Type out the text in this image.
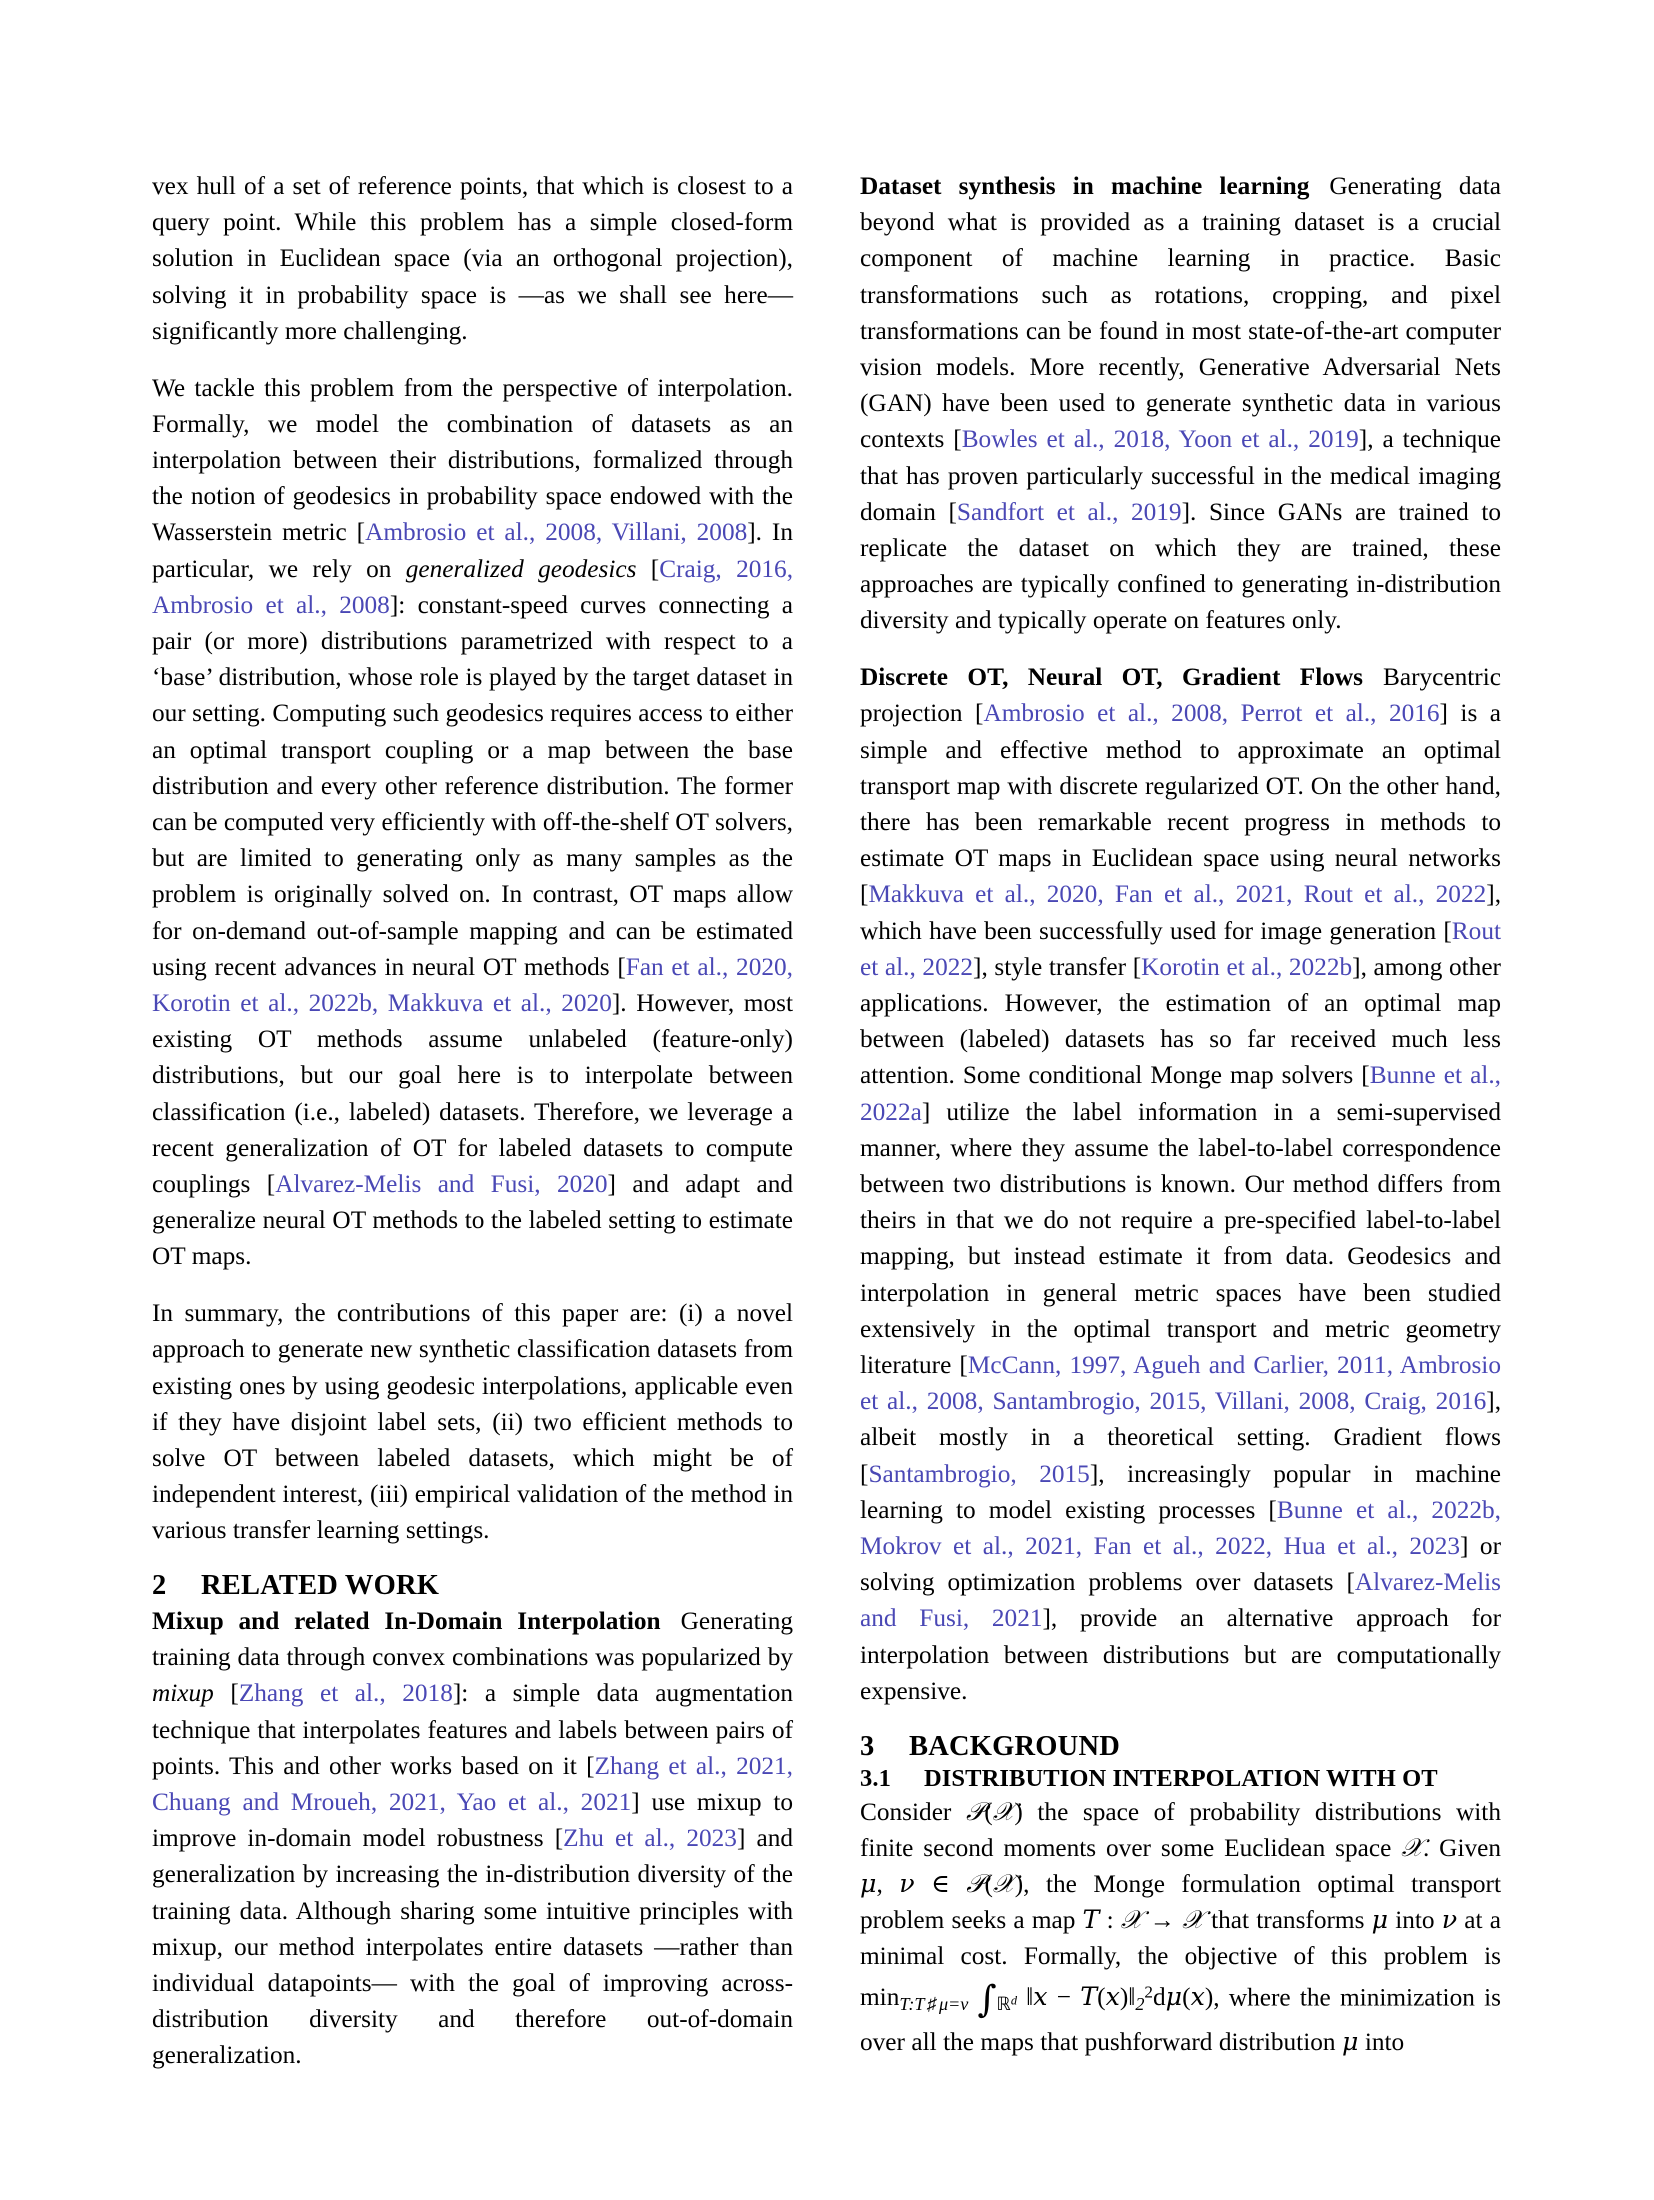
vex hull of a set of reference points, that which is closest to a query point. While this problem has a simple closed-form solution in Euclidean space (via an orthogonal projection), solving it in probability space is —as we shall see here— significantly more challenging.

We tackle this problem from the perspective of interpolation. Formally, we model the combination of datasets as an interpolation between their distributions, formalized through the notion of geodesics in probability space endowed with the Wasserstein metric [Ambrosio et al., 2008, Villani, 2008]. In particular, we rely on generalized geodesics [Craig, 2016, Ambrosio et al., 2008]: constant-speed curves connecting a pair (or more) distributions parametrized with respect to a ‘base’ distribution, whose role is played by the target dataset in our setting. Computing such geodesics requires access to either an optimal transport coupling or a map between the base distribution and every other reference distribution. The former can be computed very efficiently with off-the-shelf OT solvers, but are limited to generating only as many samples as the problem is originally solved on. In contrast, OT maps allow for on-demand out-of-sample mapping and can be estimated using recent advances in neural OT methods [Fan et al., 2020, Korotin et al., 2022b, Makkuva et al., 2020]. However, most existing OT methods assume unlabeled (feature-only) distributions, but our goal here is to interpolate between classification (i.e., labeled) datasets. Therefore, we leverage a recent generalization of OT for labeled datasets to compute couplings [Alvarez-Melis and Fusi, 2020] and adapt and generalize neural OT methods to the labeled setting to estimate OT maps.

In summary, the contributions of this paper are: (i) a novel approach to generate new synthetic classification datasets from existing ones by using geodesic interpolations, applicable even if they have disjoint label sets, (ii) two efficient methods to solve OT between labeled datasets, which might be of independent interest, (iii) empirical validation of the method in various transfer learning settings.

2 RELATED WORK

Mixup and related In-Domain Interpolation Generating training data through convex combinations was popularized by mixup [Zhang et al., 2018]: a simple data augmentation technique that interpolates features and labels between pairs of points. This and other works based on it [Zhang et al., 2021, Chuang and Mroueh, 2021, Yao et al., 2021] use mixup to improve in-domain model robustness [Zhu et al., 2023] and generalization by increasing the in-distribution diversity of the training data. Although sharing some intuitive principles with mixup, our method interpolates entire datasets —rather than individual datapoints— with the goal of improving across-distribution diversity and therefore out-of-domain generalization.

Dataset synthesis in machine learning Generating data beyond what is provided as a training dataset is a crucial component of machine learning in practice. Basic transformations such as rotations, cropping, and pixel transformations can be found in most state-of-the-art computer vision models. More recently, Generative Adversarial Nets (GAN) have been used to generate synthetic data in various contexts [Bowles et al., 2018, Yoon et al., 2019], a technique that has proven particularly successful in the medical imaging domain [Sandfort et al., 2019]. Since GANs are trained to replicate the dataset on which they are trained, these approaches are typically confined to generating in-distribution diversity and typically operate on features only.

Discrete OT, Neural OT, Gradient Flows Barycentric projection [Ambrosio et al., 2008, Perrot et al., 2016] is a simple and effective method to approximate an optimal transport map with discrete regularized OT. On the other hand, there has been remarkable recent progress in methods to estimate OT maps in Euclidean space using neural networks [Makkuva et al., 2020, Fan et al., 2021, Rout et al., 2022], which have been successfully used for image generation [Rout et al., 2022], style transfer [Korotin et al., 2022b], among other applications. However, the estimation of an optimal map between (labeled) datasets has so far received much less attention. Some conditional Monge map solvers [Bunne et al., 2022a] utilize the label information in a semi-supervised manner, where they assume the label-to-label correspondence between two distributions is known. Our method differs from theirs in that we do not require a pre-specified label-to-label mapping, but instead estimate it from data. Geodesics and interpolation in general metric spaces have been studied extensively in the optimal transport and metric geometry literature [McCann, 1997, Agueh and Carlier, 2011, Ambrosio et al., 2008, Santambrogio, 2015, Villani, 2008, Craig, 2016], albeit mostly in a theoretical setting. Gradient flows [Santambrogio, 2015], increasingly popular in machine learning to model existing processes [Bunne et al., 2022b, Mokrov et al., 2021, Fan et al., 2022, Hua et al., 2023] or solving optimization problems over datasets [Alvarez-Melis and Fusi, 2021], provide an alternative approach for interpolation between distributions but are computationally expensive.

3 BACKGROUND
3.1 DISTRIBUTION INTERPOLATION WITH OT

Consider 𝒫(𝒳) the space of probability distributions with finite second moments over some Euclidean space 𝒳. Given μ, ν ∈ 𝒫(𝒳), the Monge formulation optimal transport problem seeks a map T : 𝒳 → 𝒳 that transforms μ into ν at a minimal cost. Formally, the objective of this problem is $\min_{T:T♯\mu=\nu} \int_{ℝ^d}$ ‖x − $T(x)‖_2^2d\mu(x)$, where the minimization is over all the maps that pushforward distribution μ into
